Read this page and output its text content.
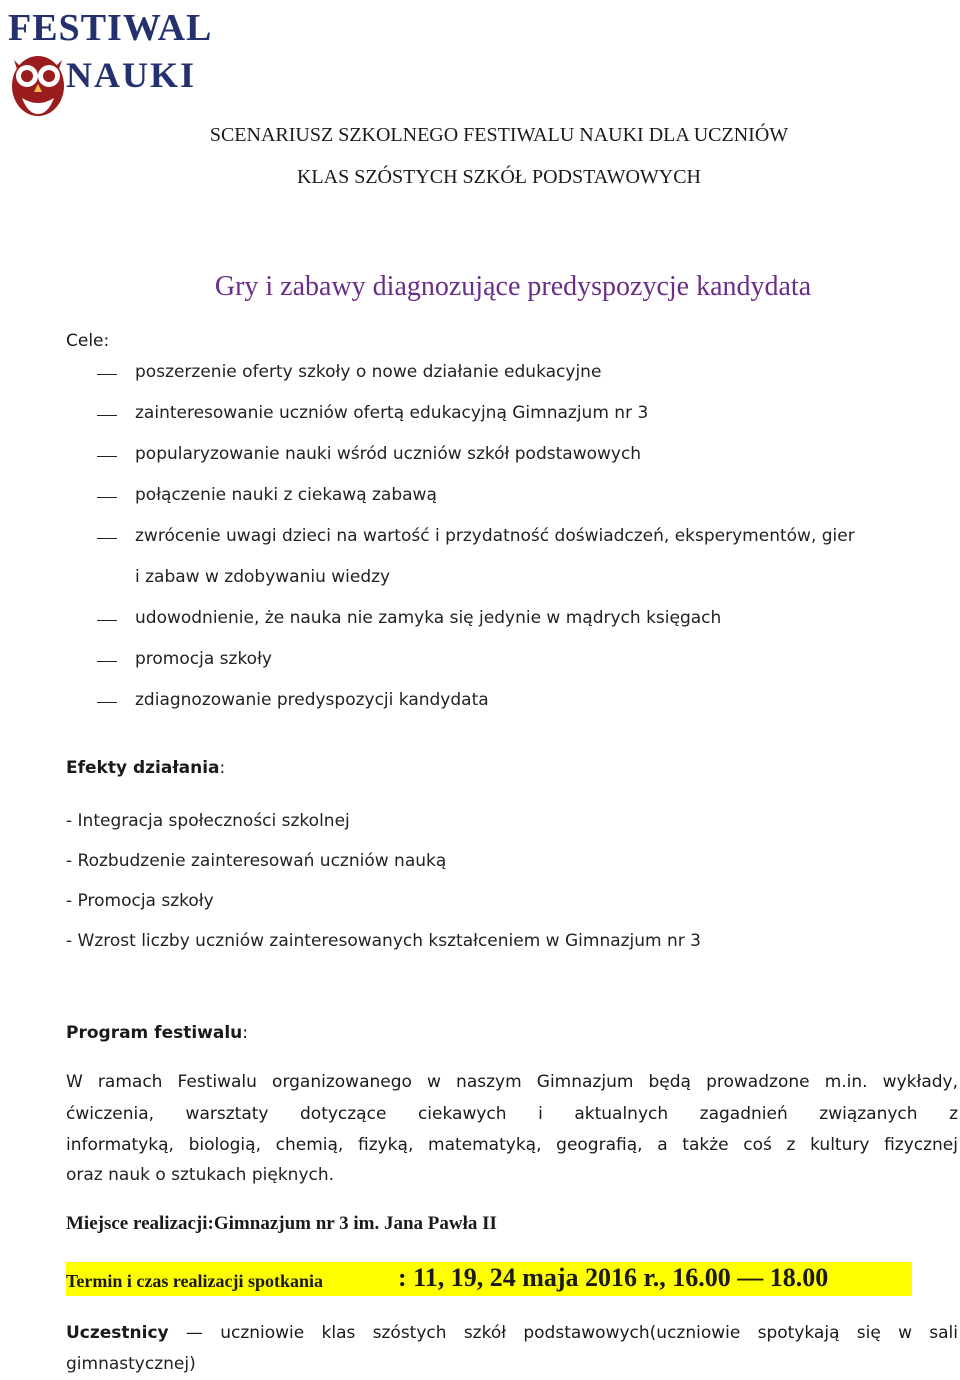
FESTIWAL
NAUKI
SCENARIUSZ SZKOLNEGO FESTIWALU NAUKI DLA UCZNIÓW
KLAS SZÓSTYCH SZKÓŁ PODSTAWOWYCH
Gry i zabawy diagnozujące predyspozycje kandydata
Cele:
poszerzenie oferty szkoły o nowe działanie edukacyjne
zainteresowanie uczniów ofertą edukacyjną Gimnazjum nr 3
popularyzowanie nauki wśród uczniów szkół podstawowych
połączenie nauki z ciekawą zabawą
zwrócenie uwagi dzieci na wartość i przydatność doświadczeń, eksperymentów, gier
i zabaw w zdobywaniu wiedzy
udowodnienie, że nauka nie zamyka się jedynie w mądrych księgach
promocja szkoły
zdiagnozowanie predyspozycji kandydata
Efekty działania:
- Integracja społeczności szkolnej
- Rozbudzenie zainteresowań uczniów nauką
- Promocja szkoły
- Wzrost liczby uczniów zainteresowanych kształceniem w Gimnazjum nr 3
Program festiwalu:
W ramach Festiwalu organizowanego w naszym Gimnazjum będą prowadzone m.in. wykłady,
ćwiczenia, warsztaty dotyczące ciekawych i aktualnych zagadnień związanych z
informatyką, biologią, chemią, fizyką, matematyką, geografią, a także coś z kultury fizycznej
oraz nauk o sztukach pięknych.
Miejsce realizacji:Gimnazjum nr 3 im. Jana Pawła II
Termin i czas realizacji spotkania	: 11, 19, 24 maja 2016 r., 16.00 — 18.00
Uczestnicy — uczniowie klas szóstych szkół podstawowych(uczniowie spotykają się w sali
gimnastycznej)
